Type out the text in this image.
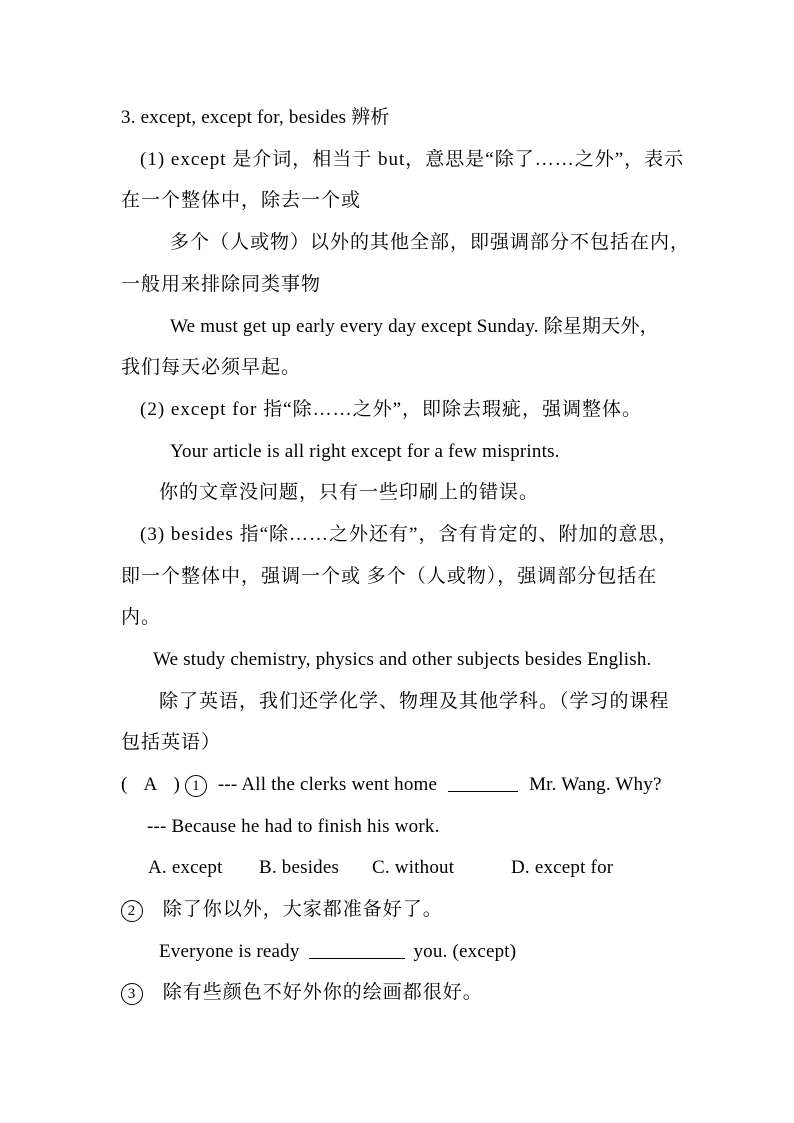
3. except, except for, besides 辨析
(1) except 是介词，相当于 but，意思是“除了……之外”，表示
在一个整体中，除去一个或
多个（人或物）以外的其他全部，即强调部分不包括在内，
一般用来排除同类事物
We must get up early every day except Sunday. 除星期天外，
我们每天必须早起。
(2) except for 指“除……之外”，即除去瑕疵，强调整体。
Your article is all right except for a few misprints.
你的文章没问题，只有一些印刷上的错误。
(3) besides 指“除……之外还有”，含有肯定的、附加的意思，
即一个整体中，强调一个或 多个（人或物），强调部分包括在
内。
We study chemistry, physics and other subjects besides English.
除了英语，我们还学化学、物理及其他学科。（学习的课程
包括英语）
( A ) 1 --- All the clerks went home	Mr. Wang. Why?
--- Because he had to finish his work.
A. except B. besides C. without	D. except for
2 除了你以外，大家都准备好了。
Everyone is ready	you. (except)
3 除有些颜色不好外你的绘画都很好。
